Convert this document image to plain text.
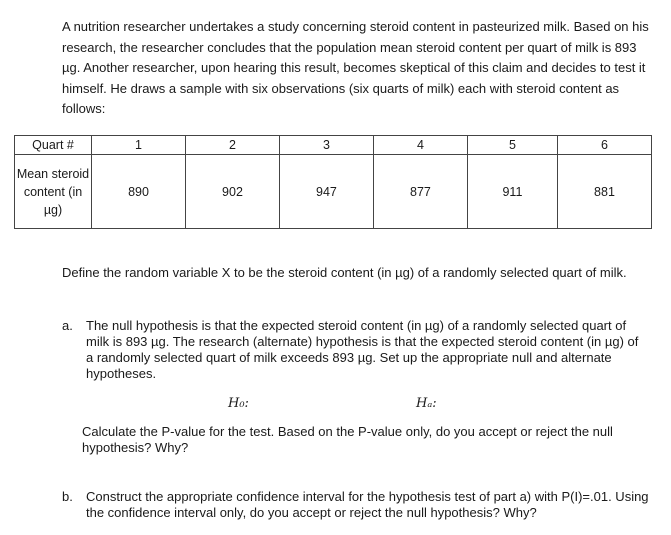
A nutrition researcher undertakes a study concerning steroid content in pasteurized milk. Based on his research, the researcher concludes that the population mean steroid content per quart of milk is 893 µg. Another researcher, upon hearing this result, becomes skeptical of this claim and decides to test it himself. He draws a sample with six observations (six quarts of milk) each with steroid content as follows:
Quart #	1	2	3	4	5	6
Mean steroid content (in µg)	890	902	947	877	911	881
Define the random variable X to be the steroid content (in µg) of a randomly selected quart of milk.
a. The null hypothesis is that the expected steroid content (in µg) of a randomly selected quart of milk is 893 µg. The research (alternate) hypothesis is that the expected steroid content (in µg) of a randomly selected quart of milk exceeds 893 µg. Set up the appropriate null and alternate hypotheses.
H₀:	Hₐ:
Calculate the P-value for the test. Based on the P-value only, do you accept or reject the null hypothesis? Why?
b. Construct the appropriate confidence interval for the hypothesis test of part a) with P(I)=.01. Using the confidence interval only, do you accept or reject the null hypothesis? Why?
